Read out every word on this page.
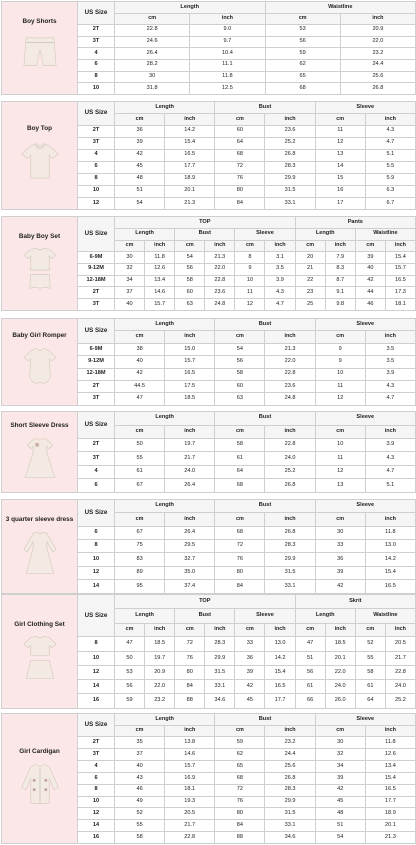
Boy Shorts	US Size	Length		Waistline	
		cm	inch	cm	inch
	2T	22.8	9.0	53	20.9
	3T	24.6	9.7	56	22.0
	4	26.4	10.4	59	23.2
	6	28.2	11.1	62	24.4
	8	30	11.8	65	25.6
	10	31.8	12.5	68	26.8
Boy Top	US Size	Length		Bust		Sleeve	
		cm	inch	cm	inch	cm	inch
	2T	36	14.2	60	23.6	11	4.3
	3T	39	15.4	64	25.2	12	4.7
	4	42	16.5	68	26.8	13	5.1
	6	45	17.7	72	28.3	14	5.5
	8	48	18.9	76	29.9	15	5.9
	10	51	20.1	80	31.5	16	6.3
	12	54	21.3	84	33.1	17	6.7
Baby Boy Set	US Size	TOP						Pants			
		Length		Bust		Sleeve		Length		Waistline	
		cm	inch	cm	inch	cm	inch	cm	inch	cm	inch
	6-9M	30	11.8	54	21.3	8	3.1	20	7.9	39	15.4
	9-12M	32	12.6	56	22.0	9	3.5	21	8.3	40	15.7
	12-18M	34	13.4	58	22.8	10	3.9	22	8.7	42	16.5
	2T	37	14.6	60	23.6	11	4.3	23	9.1	44	17.3
	3T	40	15.7	63	24.8	12	4.7	25	9.8	46	18.1
Baby Girl Romper	US Size	Length		Bust		Sleeve	
		cm	inch	cm	inch	cm	inch
	6-9M	38	15.0	54	21.3	9	3.5
	9-12M	40	15.7	56	22.0	9	3.5
	12-18M	42	16.5	58	22.8	10	3.9
	2T	44.5	17.5	60	23.6	11	4.3
	3T	47	18.5	63	24.8	12	4.7
Short Sleeve Dress	US Size	Length		Bust		Sleeve	
		cm	inch	cm	inch	cm	inch
	2T	50	19.7	58	22.8	10	3.9
	3T	55	21.7	61	24.0	11	4.3
	4	61	24.0	64	25.2	12	4.7
	6	67	26.4	68	26.8	13	5.1
3 quarter sleeve dress	US Size	Length		Bust		Sleeve	
		cm	inch	cm	inch	cm	inch
	6	67	26.4	68	26.8	30	11.8
	8	75	29.5	72	28.3	33	13.0
	10	83	32.7	76	29.9	36	14.2
	12	89	35.0	80	31.5	39	15.4
	14	95	37.4	84	33.1	42	16.5
Girl Clothing Set	US Size	TOP						Skrit			
		Length		Bust		Sleeve		Length		Waistline	
		cm	inch	cm	inch	cm	inch	cm	inch	cm	inch
	8	47	18.5	72	28.3	33	13.0	47	18.5	52	20.5
	10	50	19.7	76	29.9	36	14.2	51	20.1	55	21.7
	12	53	20.9	80	31.5	39	15.4	56	22.0	58	22.8
	14	56	22.0	84	33.1	42	16.5	61	24.0	61	24.0
	16	59	23.2	88	34.6	45	17.7	66	26.0	64	25.2
Girl Cardigan	US Size	Length		Bust		Sleeve	
		cm	inch	cm	inch	cm	inch
	2T	35	13.8	59	23.2	30	11.8
	3T	37	14.6	62	24.4	32	12.6
	4	40	15.7	65	25.6	34	13.4
	6	43	16.9	68	26.8	39	15.4
	8	46	18.1	72	28.3	42	16.5
	10	49	19.3	76	29.9	45	17.7
	12	52	20.5	80	31.5	48	18.9
	14	55	21.7	84	33.1	51	20.1
	16	58	22.8	88	34.6	54	21.3
